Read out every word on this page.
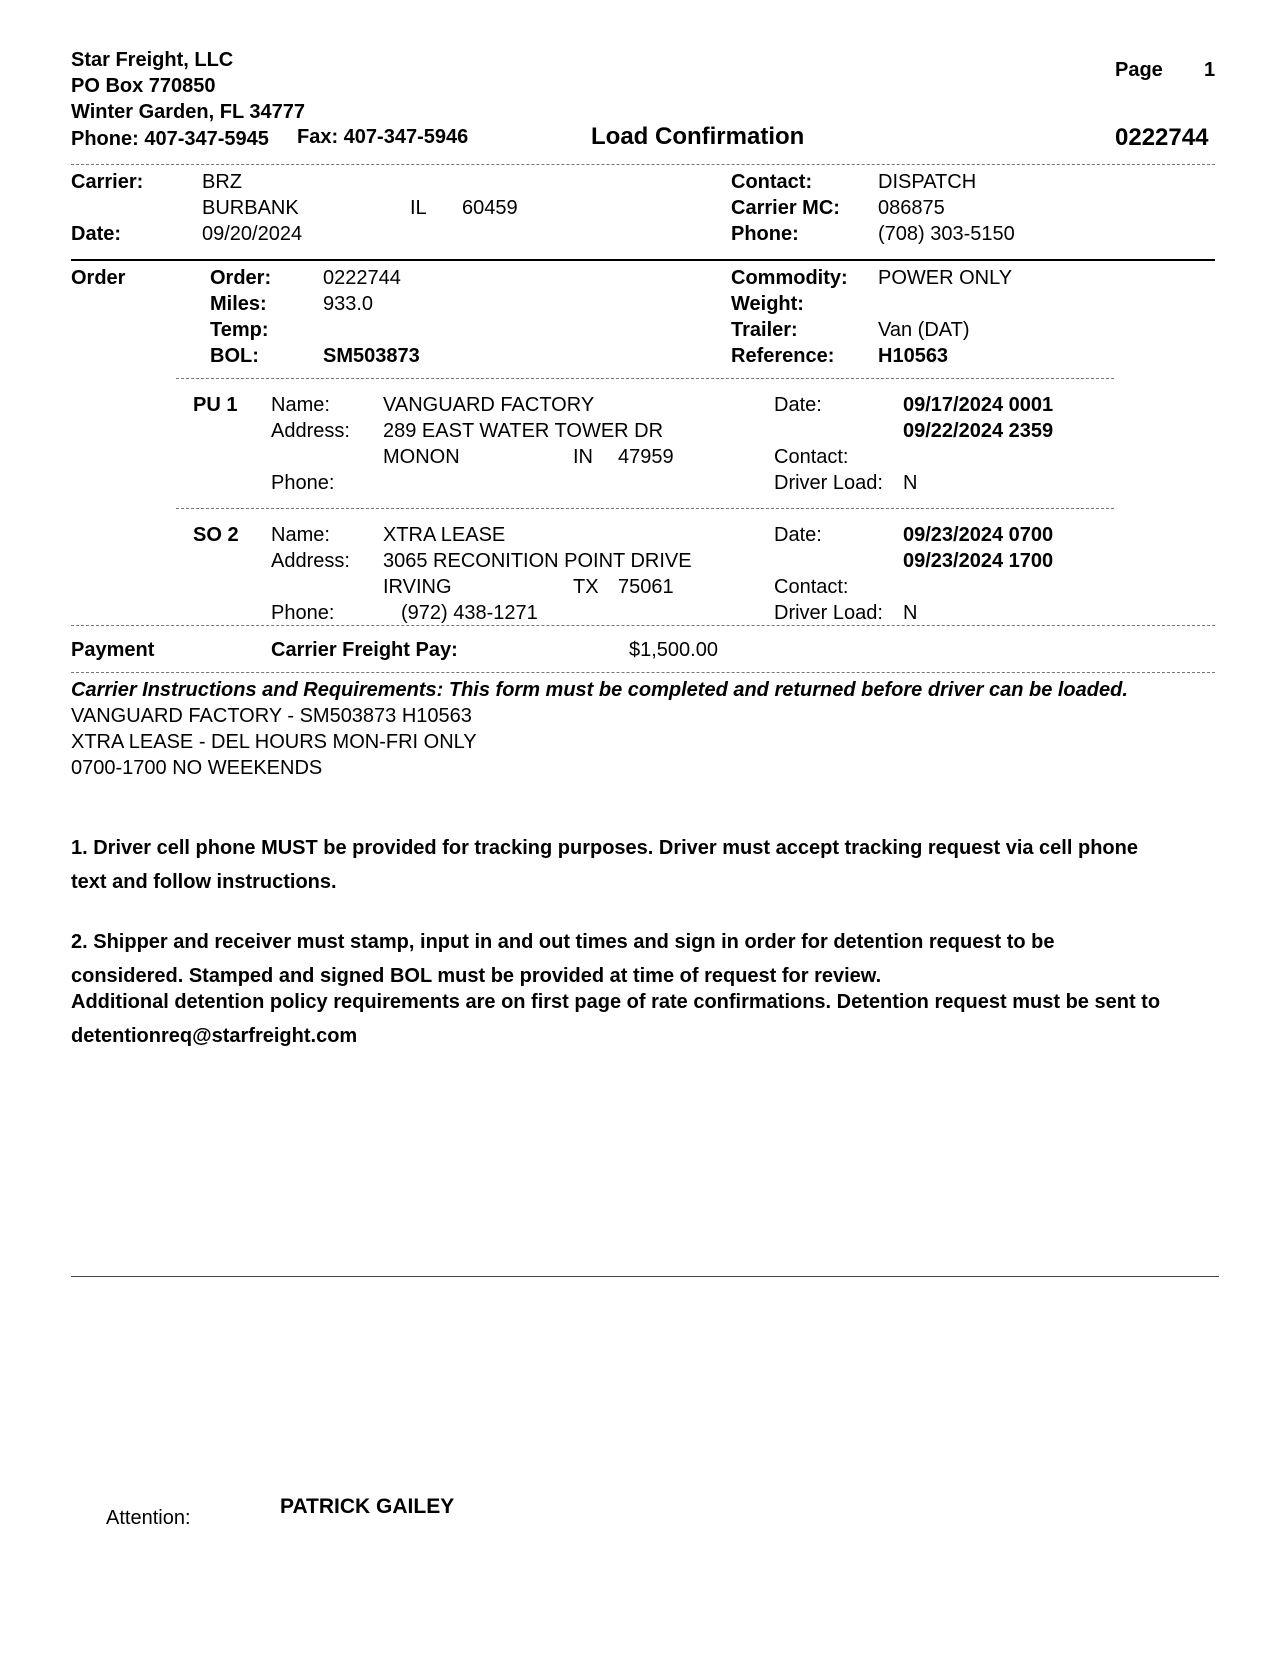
Star Freight, LLC
PO Box 770850
Winter Garden, FL 34777
Phone: 407-347-5945 Fax: 407-347-5946	Load Confirmation
Page 1
0222744
Carrier:	BRZ
BURBANK	IL 60459
Date:	09/20/2024
Contact:	DISPATCH
Carrier MC: 086875
Phone:	(708) 303-5150
Order	Order:	0222744
Miles:	933.0
Temp:
BOL:	SM503873
Commodity: POWER ONLY
Weight:
Trailer:	Van (DAT)
Reference: H10563
PU 1 Name:	VANGUARD FACTORY
Address: 289 EAST WATER TOWER DR
MONON	IN 47959
Phone:
Date:	09/17/2024 0001
09/22/2024 2359
Contact:
Driver Load: N
SO 2 Name:	XTRA LEASE
Address: 3065 RECONITION POINT DRIVE
IRVING	TX 75061
Phone:	(972) 438-1271
Date:	09/23/2024 0700
09/23/2024 1700
Contact:
Driver Load: N
Payment	Carrier Freight Pay:	$1,500.00
Carrier Instructions and Requirements: This form must be completed and returned before driver can be loaded.
VANGUARD FACTORY - SM503873 H10563
XTRA LEASE - DEL HOURS MON-FRI ONLY
0700-1700 NO WEEKENDS
1. Driver cell phone MUST be provided for tracking purposes. Driver must accept tracking request via cell phone
text and follow instructions.
2. Shipper and receiver must stamp, input in and out times and sign in order for detention request to be
considered. Stamped and signed BOL must be provided at time of request for review.
Additional detention policy requirements are on first page of rate confirmations. Detention request must be sent to
detentionreq@starfreight.com
Attention:	PATRICK GAILEY
